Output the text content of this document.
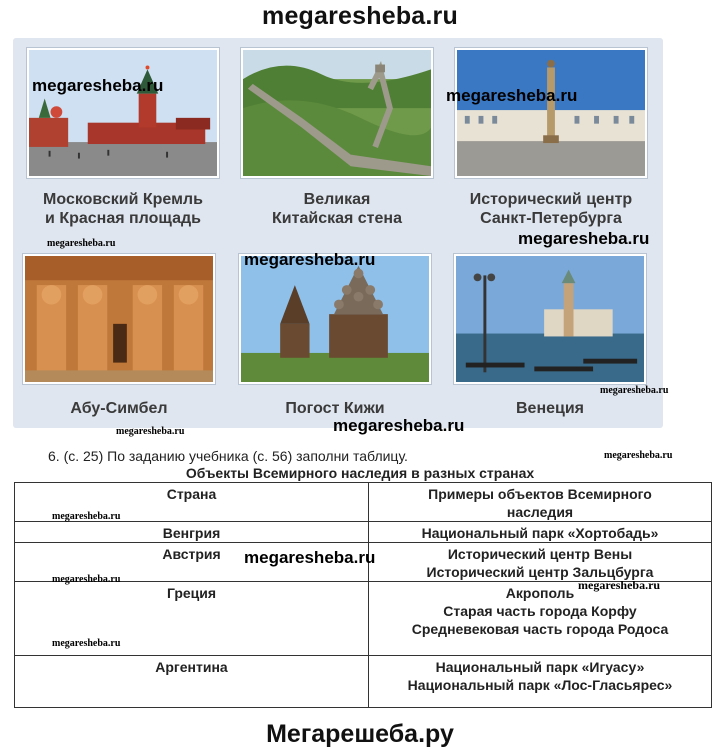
megaresheba.ru
Московский Кремль
и Красная площадь
Великая
Китайская стена
Исторический центр
Санкт-Петербурга
Абу-Симбел	Погост Кижи	Венеция
megaresheba.ru
megaresheba.ru
megaresheba.ru	megaresheba.ru
megaresheba.ru
megaresheba.ru
megaresheba.ru	megaresheba.ru
megaresheba.ru
6. (с. 25) По заданию учебника (с. 56) заполни таблицу.
Объекты Всемирного наследия в разных странах
Страна	Примеры объектов Всемирного
наследия

Венгрия	Национальный парк «Хортобадь»

Австрия	Исторический центр Вены
Исторический центр Зальцбурга

Греция	Акрополь
Старая часть города Корфу
Средневековая часть города Родоса

Аргентина	Национальный парк «Игуасу»
Национальный парк «Лос-Гласьярес»
megaresheba.ru
megaresheba.ru
megaresheba.ru	megaresheba.ru
megaresheba.ru
Мегарешеба.ру
